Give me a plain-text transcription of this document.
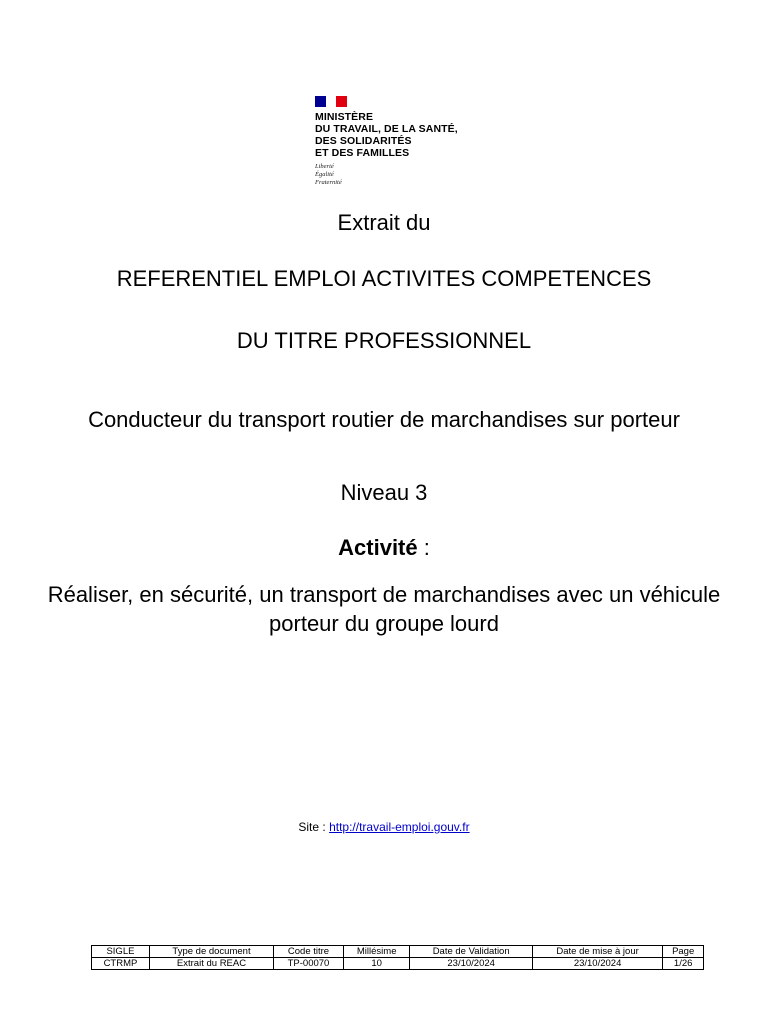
MINISTÈRE
DU TRAVAIL, DE LA SANTÉ,
DES SOLIDARITÉS
ET DES FAMILLES
Liberté
Égalité
Fraternité
Extrait du
REFERENTIEL EMPLOI ACTIVITES COMPETENCES
DU TITRE PROFESSIONNEL
Conducteur du transport routier de marchandises sur porteur
Niveau 3
Activité :
Réaliser, en sécurité, un transport de marchandises avec un véhicule porteur du groupe lourd
Site : http://travail-emploi.gouv.fr
SIGLE	Type de document	Code titre	Millésime	Date de Validation	Date de mise à jour	Page
CTRMP	Extrait du REAC	TP-00070	10	23/10/2024	23/10/2024	1/26
